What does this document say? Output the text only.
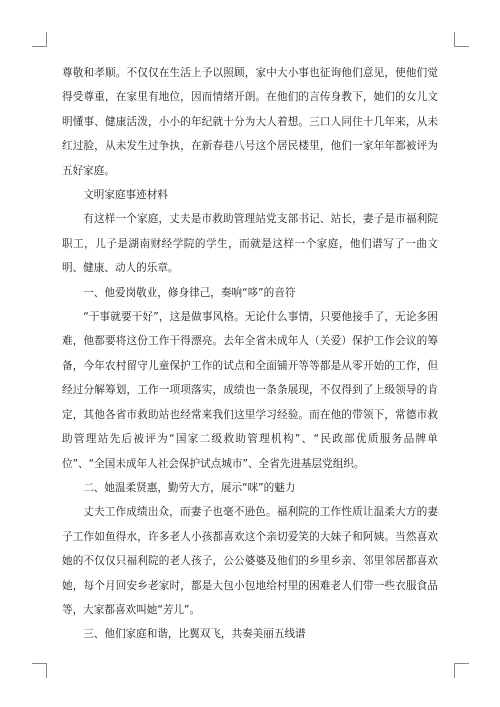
尊敬和孝顺。不仅仅在生活上予以照顾，家中大小事也征询他们意见，使他们觉得受尊重，在家里有地位，因而情绪开朗。在他们的言传身教下，她们的女儿文明懂事、健康活泼，小小的年纪就十分为大人着想。三口人同住十几年来，从未红过脸，从未发生过争执，在新春巷八号这个居民楼里，他们一家年年都被评为五好家庭。

文明家庭事迹材料

有这样一个家庭，丈夫是市救助管理站党支部书记、站长，妻子是市福利院职工，儿子是湖南财经学院的学生，而就是这样一个家庭，他们谱写了一曲文明、健康、动人的乐章。

一、他爱岗敬业，修身律己，奏响“哆”的音符

“干事就要干好”，这是做事风格。无论什么事情，只要他接手了，无论多困难，他都要将这份工作干得漂亮。去年全省未成年人（关爱）保护工作会议的筹备，今年农村留守儿童保护工作的试点和全面铺开等等都是从零开始的工作，但经过分解筹划，工作一项项落实，成绩也一条条展现，不仅得到了上级领导的肯定，其他各省市救助站也经常来我们这里学习经验。而在他的带领下，常德市救助管理站先后被评为“国家二级救助管理机构”、“民政部优质服务品牌单位”、“全国未成年人社会保护试点城市”、全省先进基层党组织。

二、她温柔贤惠，勤劳大方，展示“咪”的魅力

丈夫工作成绩出众，而妻子也毫不逊色。福利院的工作性质让温柔大方的妻子工作如鱼得水，许多老人小孩都喜欢这个亲切爱笑的大妹子和阿姨。当然喜欢她的不仅仅只福利院的老人孩子，公公婆婆及他们的乡里乡亲、邻里邻居都喜欢她，每个月回安乡老家时，都是大包小包地给村里的困难老人们带一些衣服食品等，大家都喜欢叫她“芳儿”。

三、他们家庭和谐，比翼双飞，共奏美丽五线谱
